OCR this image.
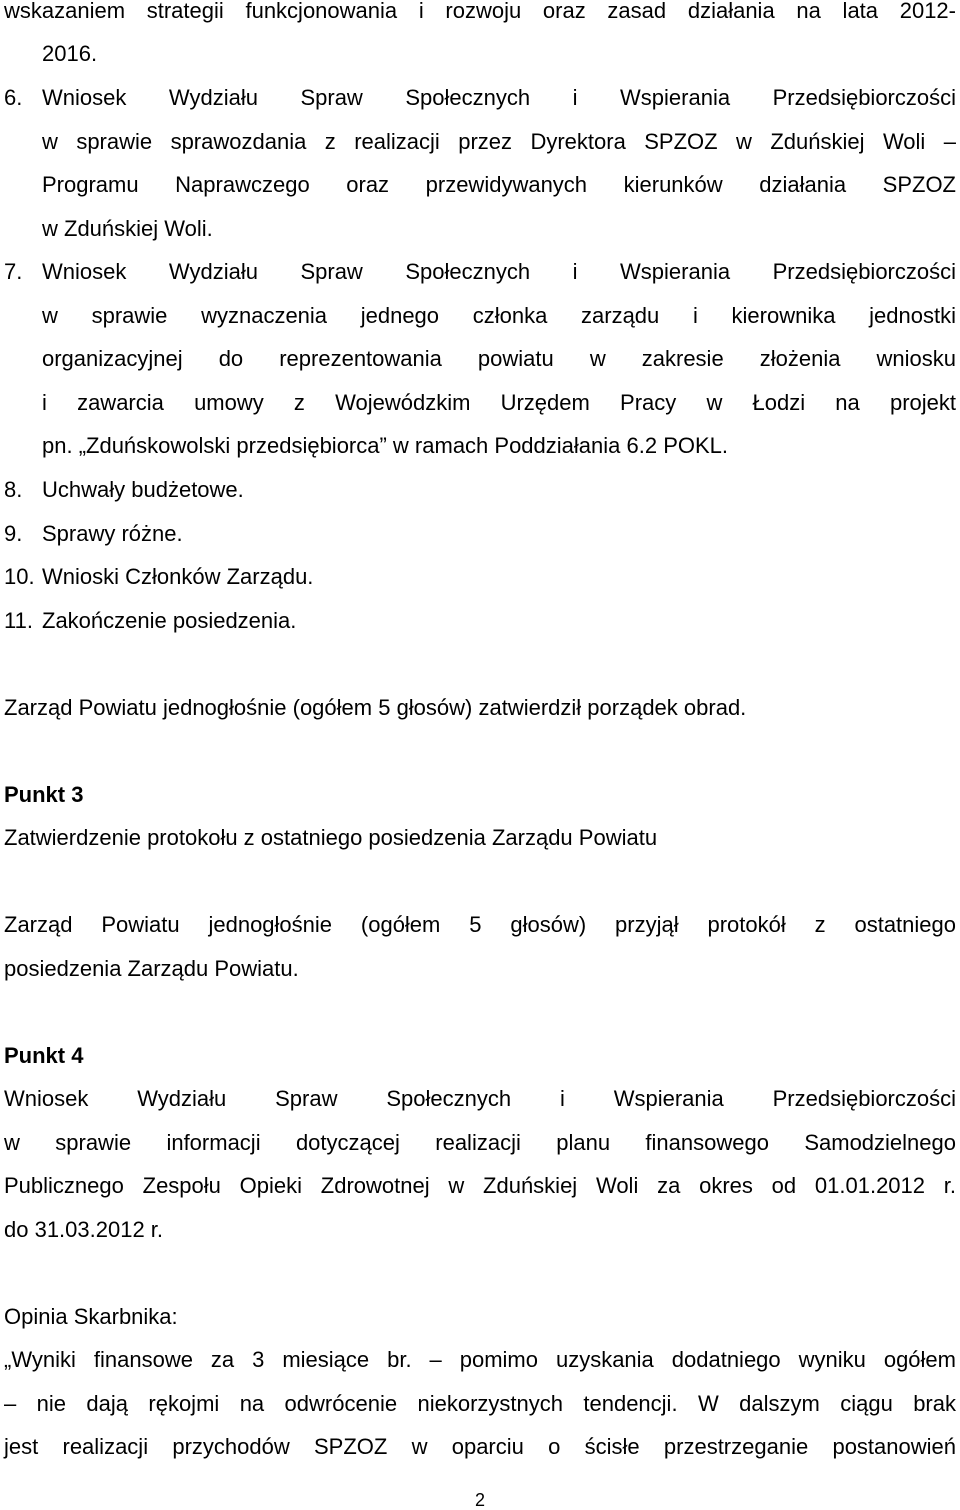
wskazaniem strategii funkcjonowania i rozwoju oraz zasad działania na lata 2012-
2016.
6. Wniosek Wydziału Spraw Społecznych i Wspierania Przedsiębiorczości
w sprawie sprawozdania z realizacji przez Dyrektora SPZOZ w Zduńskiej Woli –
Programu Naprawczego oraz przewidywanych kierunków działania SPZOZ
w Zduńskiej Woli.
7. Wniosek Wydziału Spraw Społecznych i Wspierania Przedsiębiorczości
w sprawie wyznaczenia jednego członka zarządu i kierownika jednostki
organizacyjnej do reprezentowania powiatu w zakresie złożenia wniosku
i zawarcia umowy z Wojewódzkim Urzędem Pracy w Łodzi na projekt
pn. „Zduńskowolski przedsiębiorca” w ramach Poddziałania 6.2 POKL.
8. Uchwały budżetowe.
9. Sprawy różne.
10. Wnioski Członków Zarządu.
11. Zakończenie posiedzenia.
Zarząd Powiatu jednogłośnie (ogółem 5 głosów) zatwierdził porządek obrad.
Punkt 3
Zatwierdzenie protokołu z ostatniego posiedzenia Zarządu Powiatu
Zarząd Powiatu jednogłośnie (ogółem 5 głosów) przyjął protokół z ostatniego
posiedzenia Zarządu Powiatu.
Punkt 4
Wniosek Wydziału Spraw Społecznych i Wspierania Przedsiębiorczości
w sprawie informacji dotyczącej realizacji planu finansowego Samodzielnego
Publicznego Zespołu Opieki Zdrowotnej w Zduńskiej Woli za okres od 01.01.2012 r.
do 31.03.2012 r.
Opinia Skarbnika:
„Wyniki finansowe za 3 miesiące br. – pomimo uzyskania dodatniego wyniku ogółem
– nie dają rękojmi na odwrócenie niekorzystnych tendencji. W dalszym ciągu brak
jest realizacji przychodów SPZOZ w oparciu o ścisłe przestrzeganie postanowień
2
